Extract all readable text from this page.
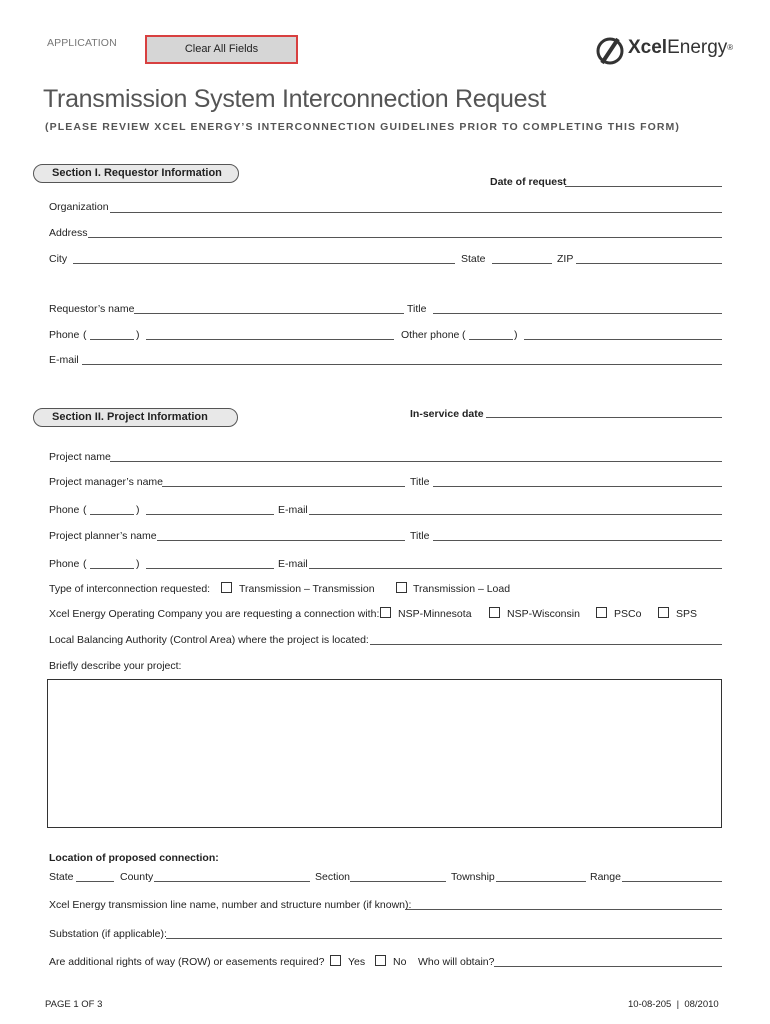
APPLICATION	Clear All Fields	XcelEnergy®
Transmission System Interconnection Request
(PLEASE REVIEW XCEL ENERGY’S INTERCONNECTION GUIDELINES PRIOR TO COMPLETING THIS FORM)
Section I. Requestor Information
Date of request
Organization
Address
City	State	ZIP
Requestor’s name	Title
Phone (	)	Other phone (	)
E-mail
Section II. Project Information	In-service date
Project name
Project manager’s name	Title
Phone (	)	E-mail
Project planner’s name	Title
Phone (	)	E-mail
Type of interconnection requested:	Transmission – Transmission	Transmission – Load
Xcel Energy Operating Company you are requesting a connection with: NSP-Minnesota	NSP-Wisconsin	PSCo	SPS
Local Balancing Authority (Control Area) where the project is located:
Briefly describe your project:
Location of proposed connection:
State	County	Section	Township	Range
Xcel Energy transmission line name, number and structure number (if known):
Substation (if applicable):
Are additional rights of way (ROW) or easements required? Yes	No Who will obtain?
PAGE 1 OF 3	10-08-205  |  08/2010
